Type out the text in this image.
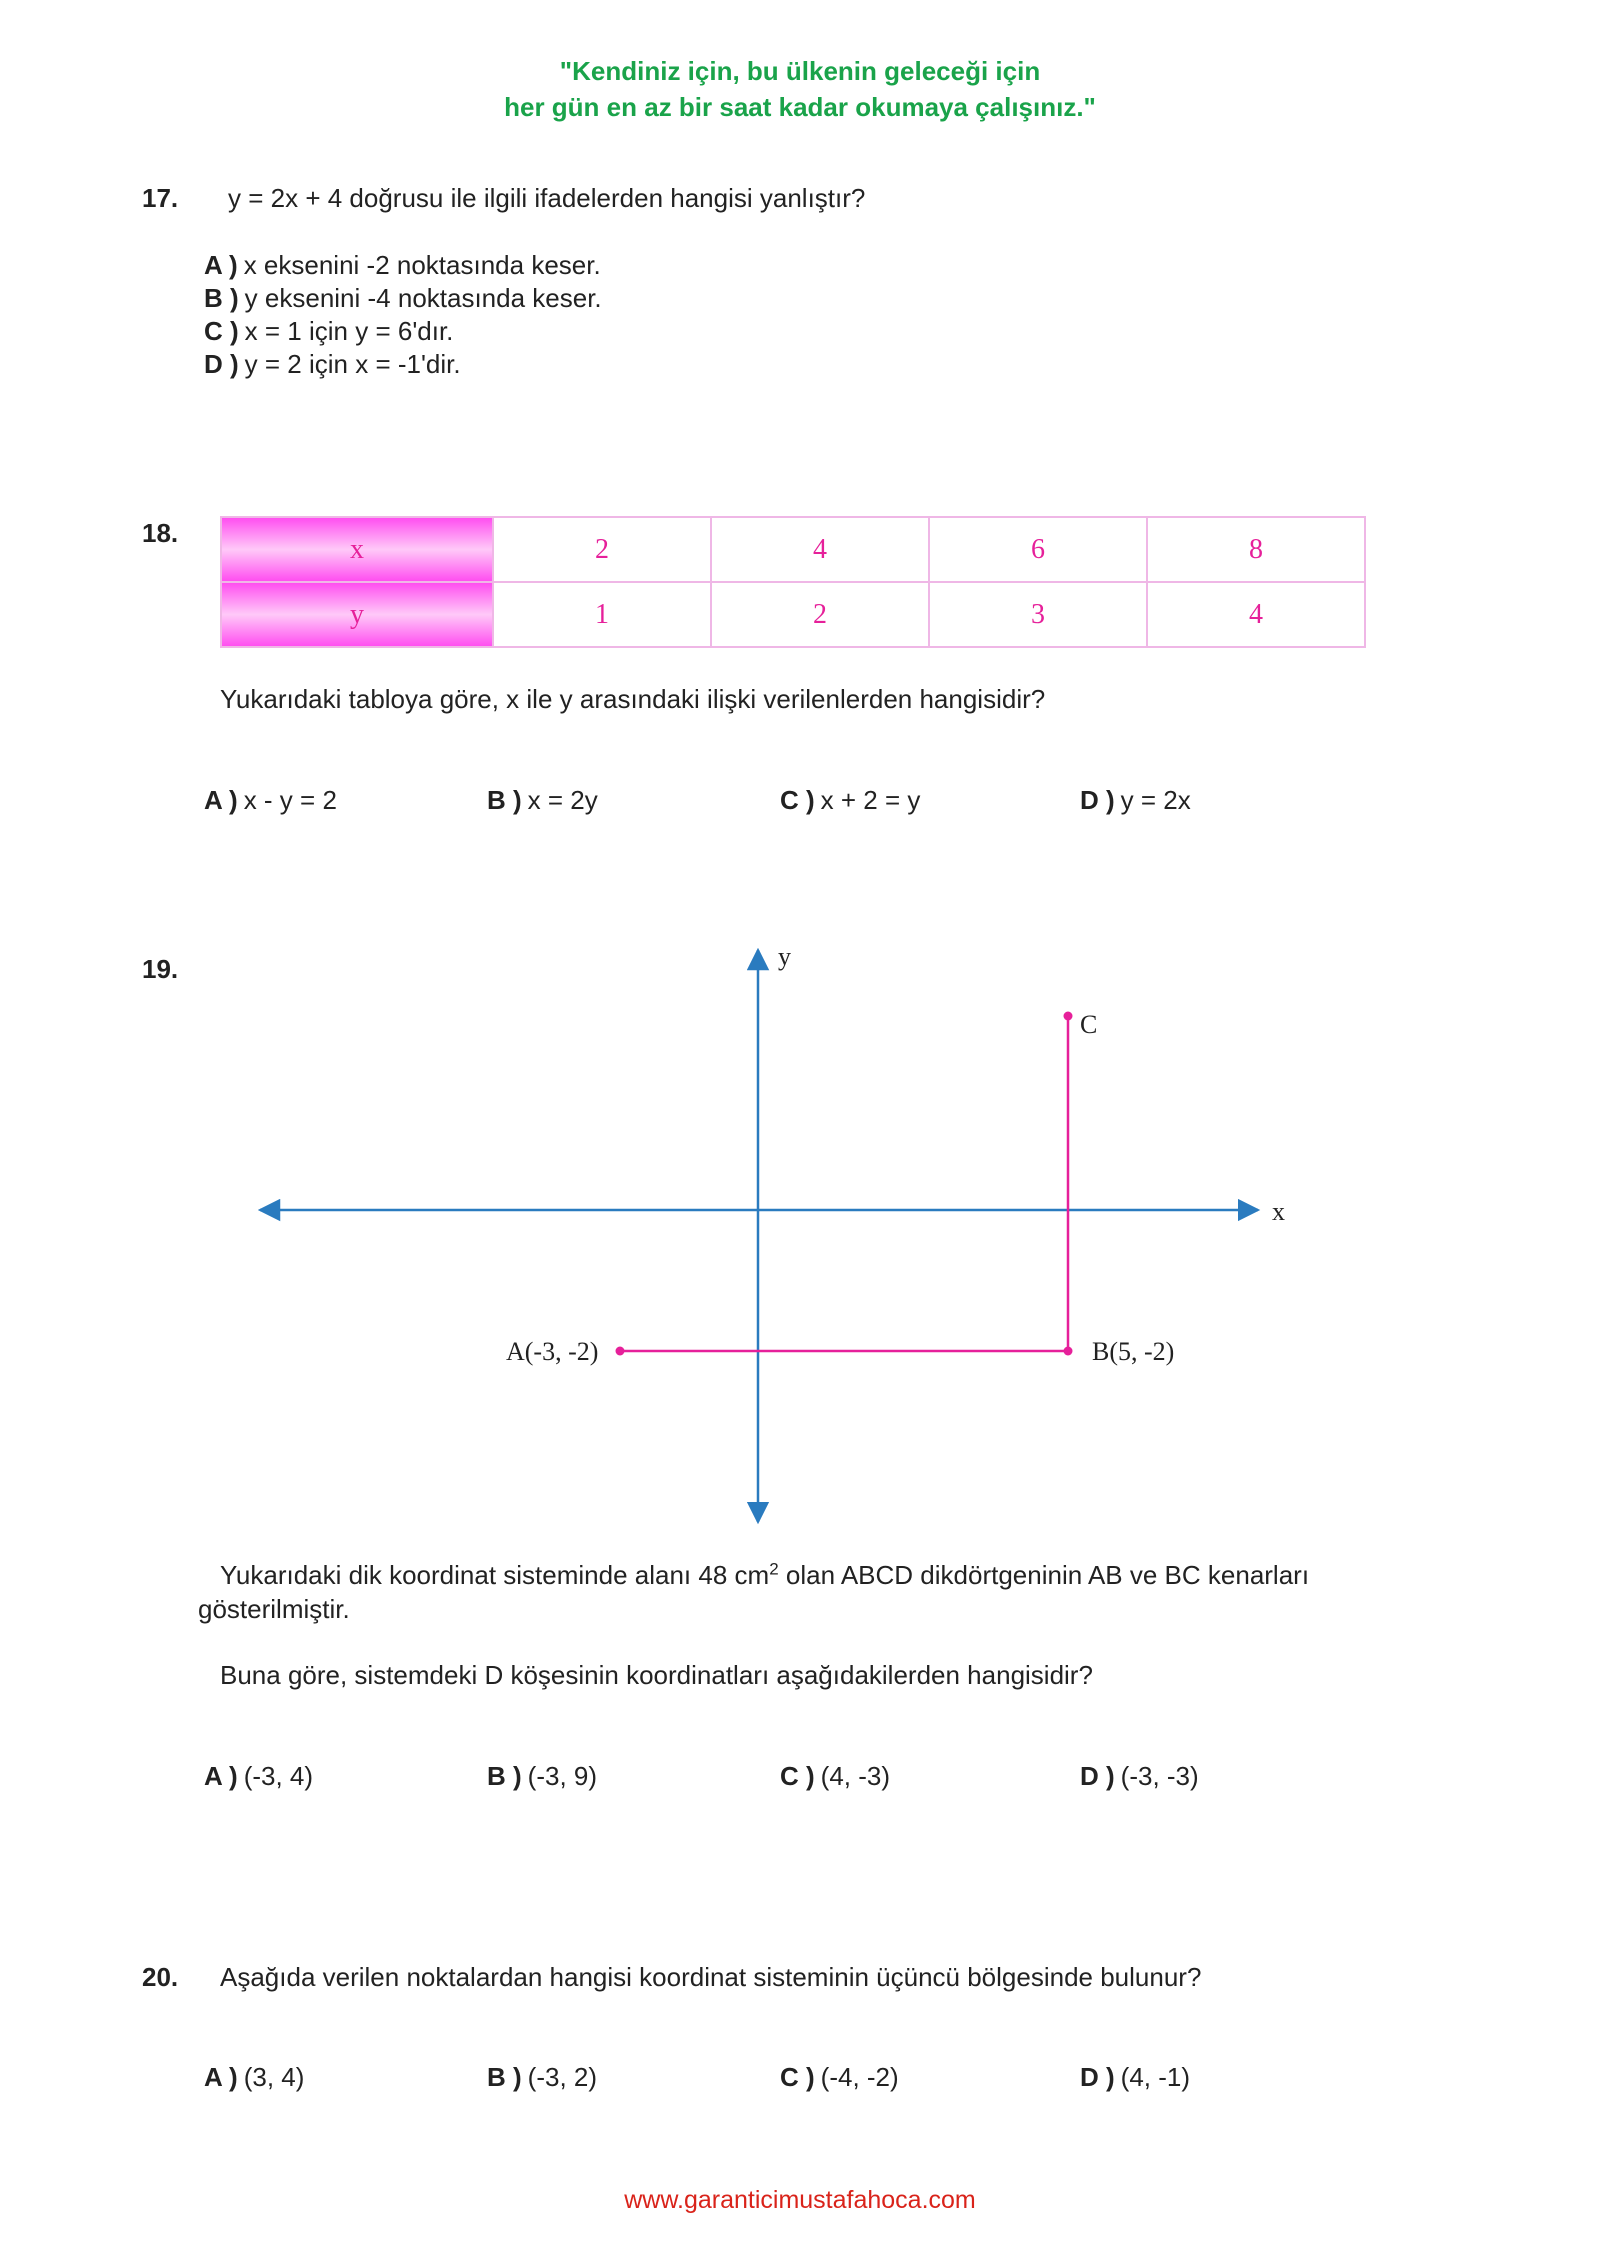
"Kendiniz için, bu ülkenin geleceği için
her gün en az bir saat kadar okumaya çalışınız."
17. y = 2x + 4 doğrusu ile ilgili ifadelerden hangisi yanlıştır?
A ) x eksenini -2 noktasında keser.
B ) y eksenini -4 noktasında keser.
C ) x = 1 için y = 6'dır.
D ) y = 2 için x = -1'dir.
18.
x	2	4	6	8
y	1	2	3	4
Yukarıdaki tabloya göre, x ile y arasındaki ilişki verilenlerden hangisidir?
A ) x - y = 2	B ) x = 2y	C ) x + 2 = y	D ) y = 2x
19.	y
x
C
A(-3, -2)	B(5, -2)
Yukarıdaki dik koordinat sisteminde alanı 48 $cm^2$ olan ABCD dikdörtgeninin AB ve BC kenarları
gösterilmiştir.
Buna göre, sistemdeki D köşesinin koordinatları aşağıdakilerden hangisidir?
A ) (-3, 4)	B ) (-3, 9)	C ) (4, -3)	D ) (-3, -3)
20. Aşağıda verilen noktalardan hangisi koordinat sisteminin üçüncü bölgesinde bulunur?
A ) (3, 4)	B ) (-3, 2)	C ) (-4, -2)	D ) (4, -1)
www.garanticimustafahoca.com
